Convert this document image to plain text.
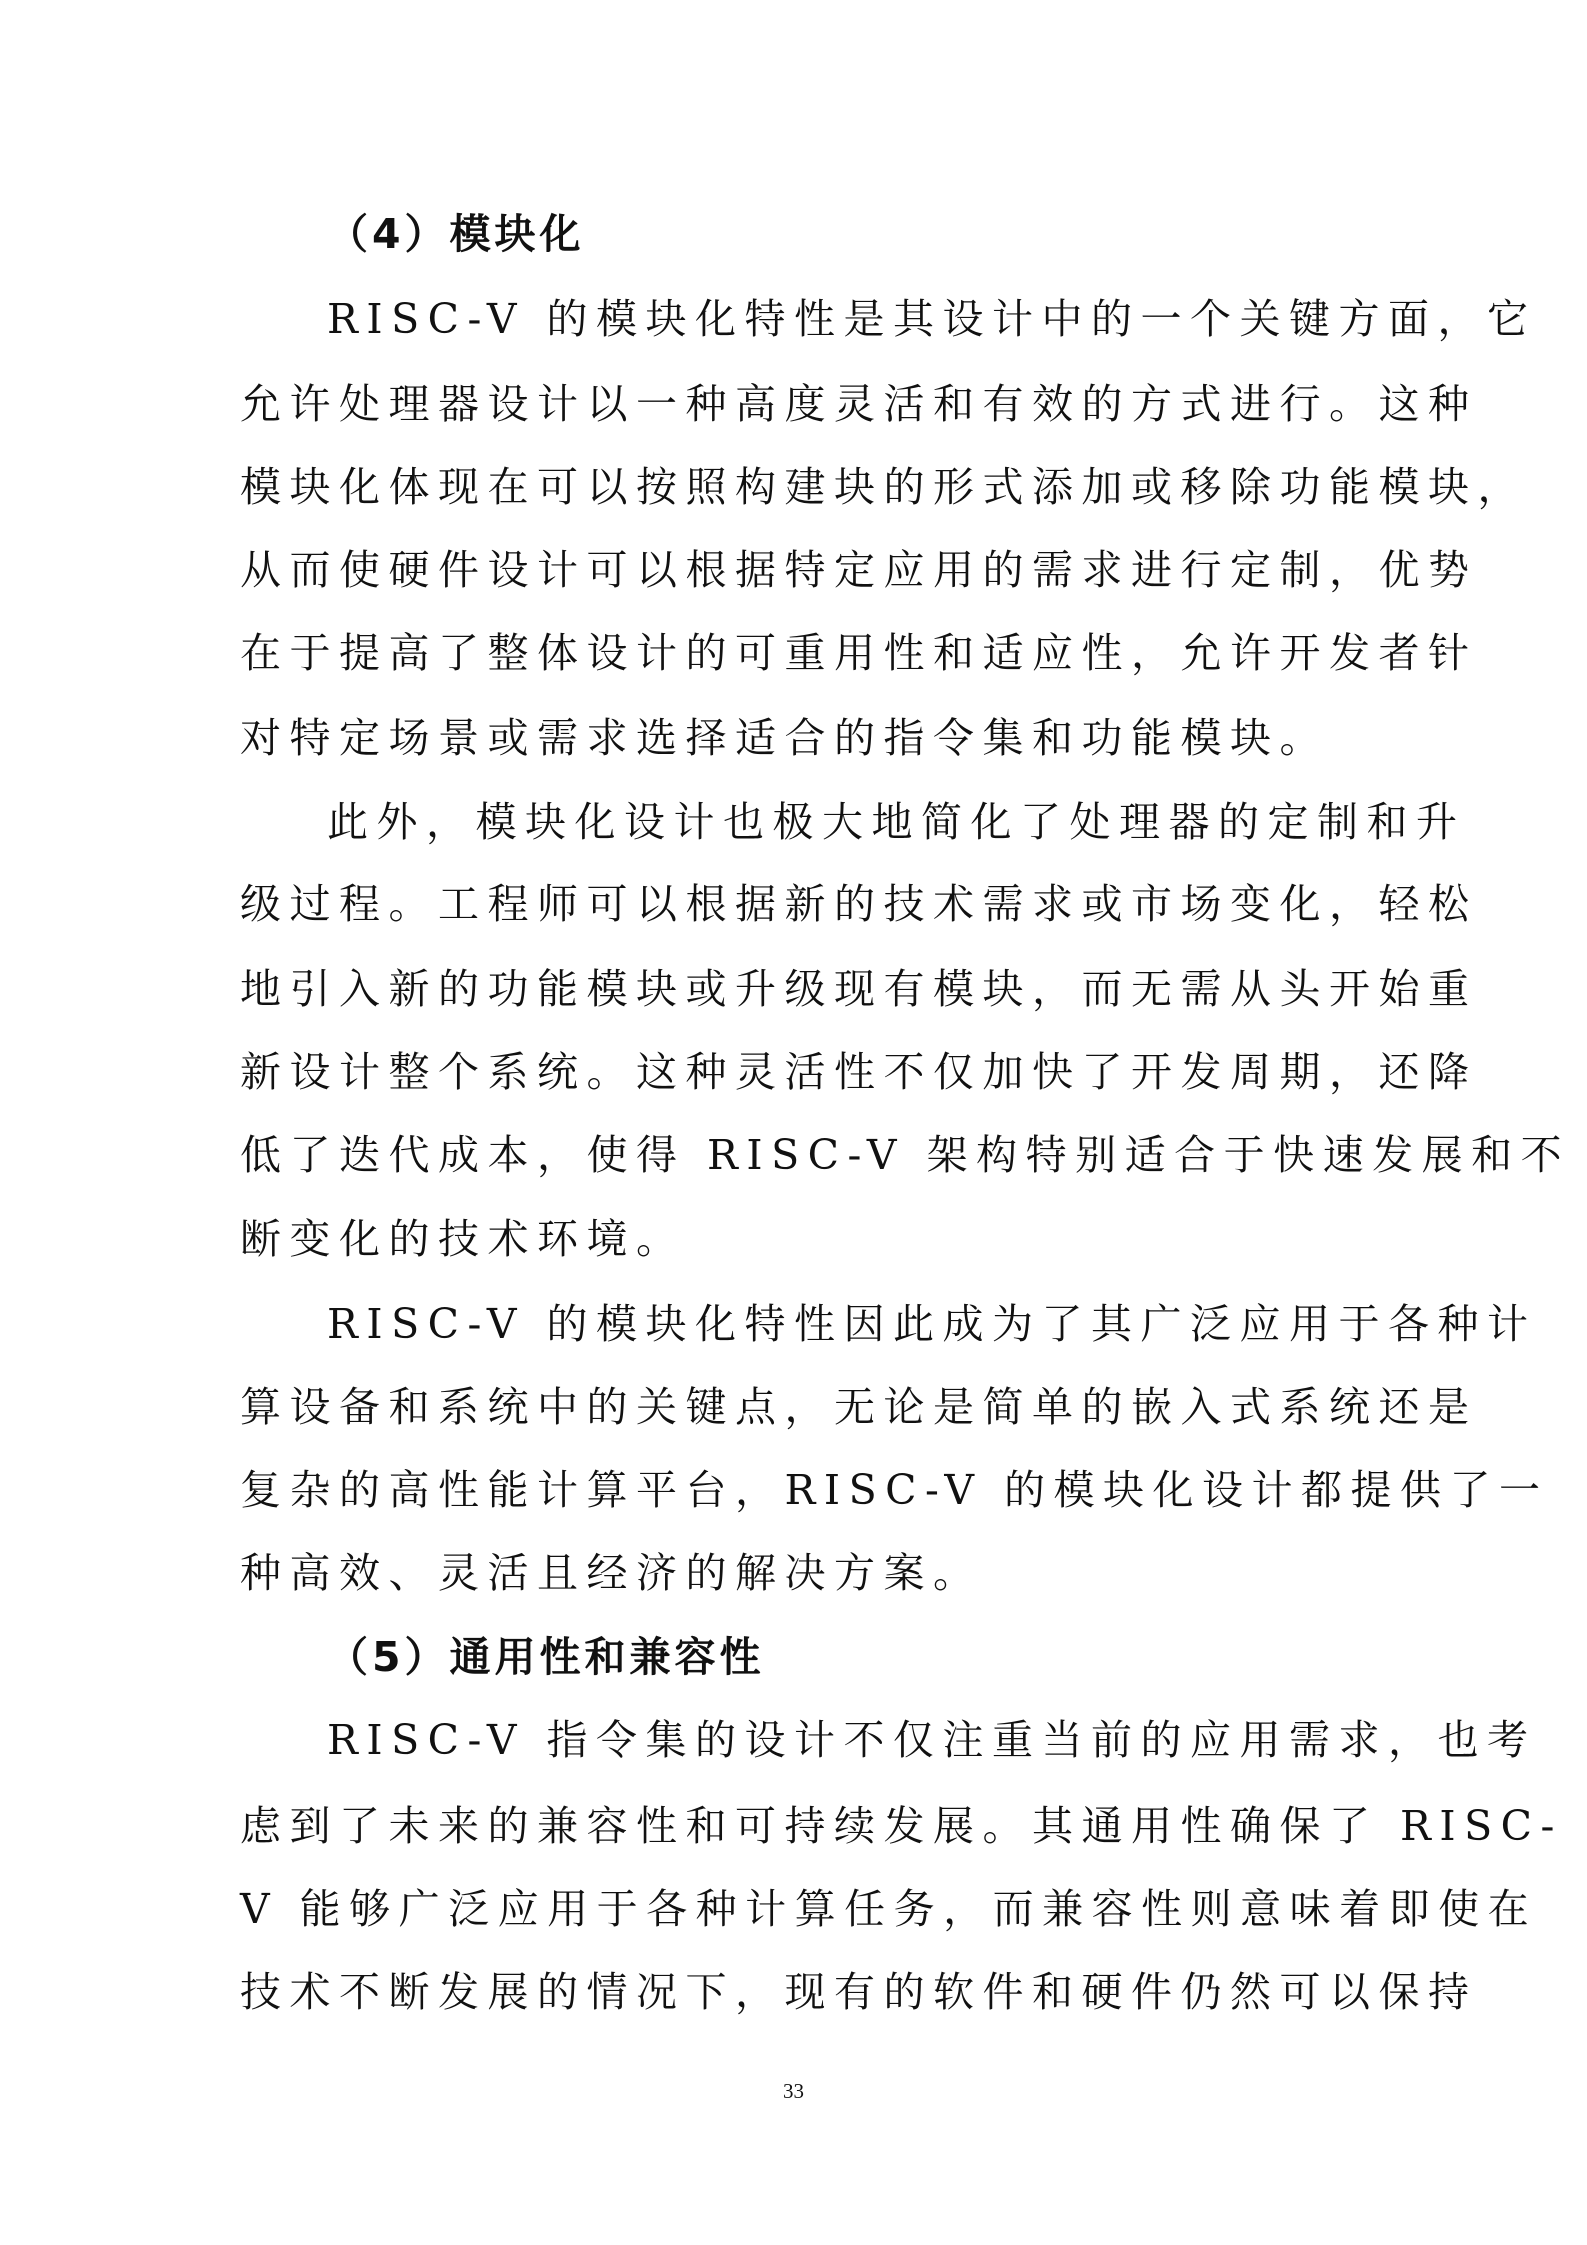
（4）模块化
RISC-V 的模块化特性是其设计中的一个关键方面，它
允许处理器设计以一种高度灵活和有效的方式进行。这种
模块化体现在可以按照构建块的形式添加或移除功能模块，
从而使硬件设计可以根据特定应用的需求进行定制，优势
在于提高了整体设计的可重用性和适应性，允许开发者针
对特定场景或需求选择适合的指令集和功能模块。
此外，模块化设计也极大地简化了处理器的定制和升
级过程。工程师可以根据新的技术需求或市场变化，轻松
地引入新的功能模块或升级现有模块，而无需从头开始重
新设计整个系统。这种灵活性不仅加快了开发周期，还降
低了迭代成本，使得 RISC-V 架构特别适合于快速发展和不
断变化的技术环境。
RISC-V 的模块化特性因此成为了其广泛应用于各种计
算设备和系统中的关键点，无论是简单的嵌入式系统还是
复杂的高性能计算平台，RISC-V 的模块化设计都提供了一
种高效、灵活且经济的解决方案。
（5）通用性和兼容性
RISC-V 指令集的设计不仅注重当前的应用需求，也考
虑到了未来的兼容性和可持续发展。其通用性确保了 RISC-
V 能够广泛应用于各种计算任务，而兼容性则意味着即使在
技术不断发展的情况下，现有的软件和硬件仍然可以保持
33
